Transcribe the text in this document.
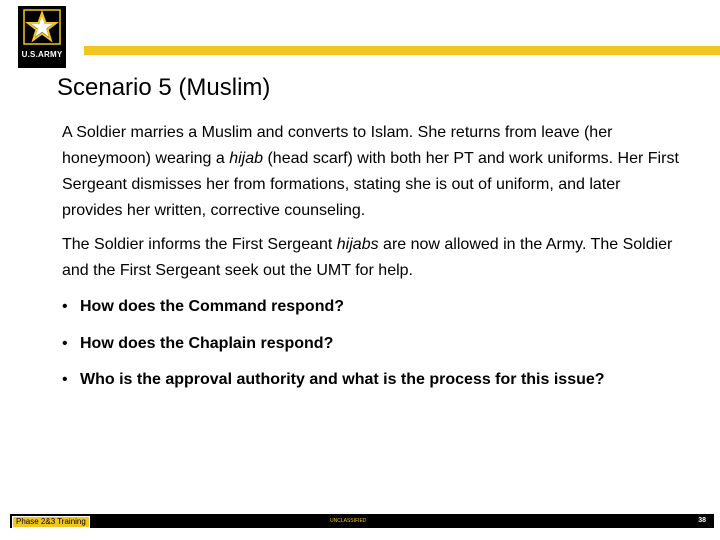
U.S.ARMY
Scenario 5 (Muslim)

A Soldier marries a Muslim and converts to Islam. She returns from leave (her honeymoon) wearing a hijab (head scarf) with both her PT and work uniforms. Her First Sergeant dismisses her from formations, stating she is out of uniform, and later provides her written, corrective counseling.

The Soldier informs the First Sergeant hijabs are now allowed in the Army. The Soldier and the First Sergeant seek out the UMT for help.

• How does the Command respond?
• How does the Chaplain respond?
• Who is the approval authority and what is the process for this issue?
Phase 2&3 Training	UNCLASSIFIED	38
